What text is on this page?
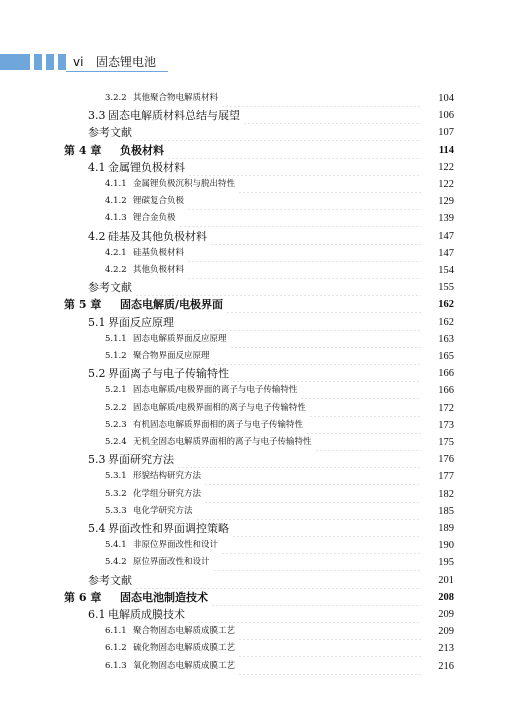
vi 固态锂电池
3.2.2 其他聚合物电解质材料	104
3.3 固态电解质材料总结与展望	106
参考文献	107
第 4 章	负极材料	114
4.1 金属锂负极材料	122
4.1.1 金属锂负极沉积与脱出特性	122
4.1.2 锂碳复合负极	129
4.1.3 锂合金负极	139
4.2 硅基及其他负极材料	147
4.2.1 硅基负极材料	147
4.2.2 其他负极材料	154
参考文献	155
第 5 章	固态电解质/电极界面	162
5.1 界面反应原理	162
5.1.1 固态电解质界面反应原理	163
5.1.2 聚合物界面反应原理	165
5.2 界面离子与电子传输特性	166
5.2.1 固态电解质/电极界面的离子与电子传输特性	166
5.2.2 固态电解质/电极界面相的离子与电子传输特性	172
5.2.3 有机固态电解质界面相的离子与电子传输特性	173
5.2.4 无机全固态电解质界面相的离子与电子传输特性	175
5.3 界面研究方法	176
5.3.1 形貌结构研究方法	177
5.3.2 化学组分研究方法	182
5.3.3 电化学研究方法	185
5.4 界面改性和界面调控策略	189
5.4.1 非原位界面改性和设计	190
5.4.2 原位界面改性和设计	195
参考文献	201
第 6 章	固态电池制造技术	208
6.1 电解质成膜技术	209
6.1.1 聚合物固态电解质成膜工艺	209
6.1.2 硫化物固态电解质成膜工艺	213
6.1.3 氧化物固态电解质成膜工艺	216
